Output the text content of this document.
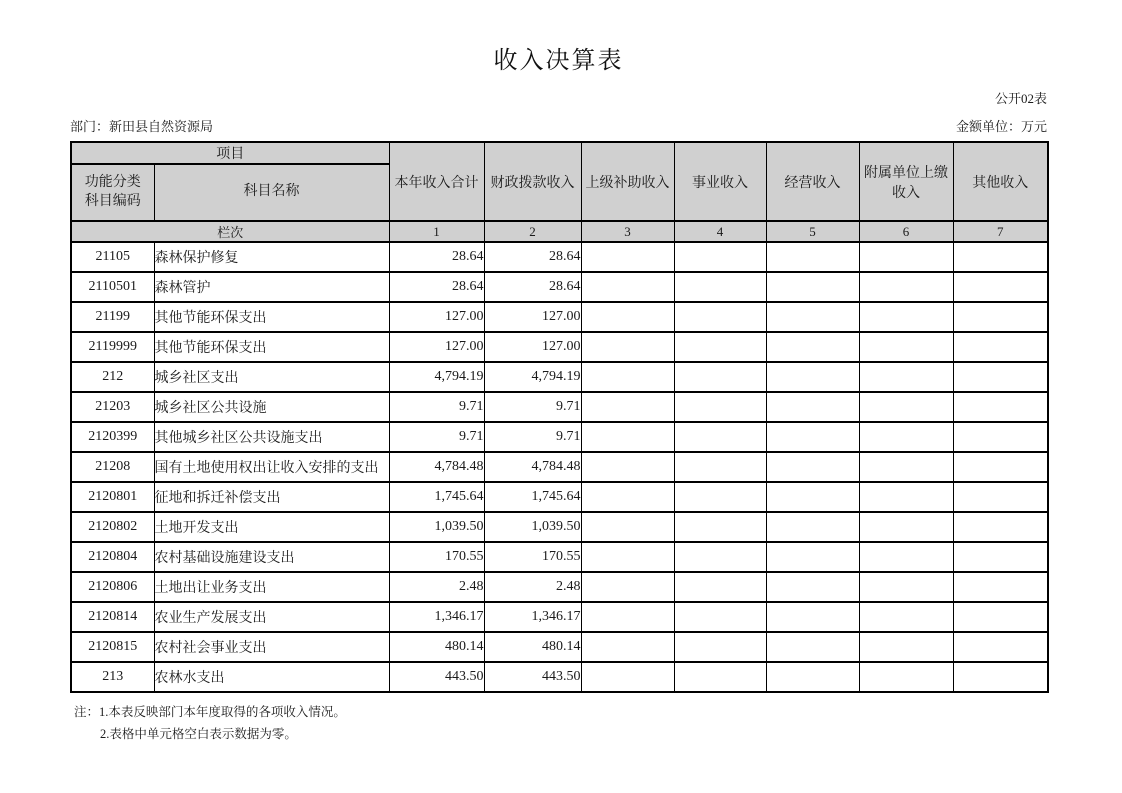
收入决算表
公开02表
部门：新田县自然资源局	金额单位：万元
项目		本年收入合计	财政拨款收入	上级补助收入	事业收入	经营收入	附属单位上缴收入	其他收入
功能分类科目编码	科目名称							
栏次		1	2	3	4	5	6	7
21105	森林保护修复	28.64	28.64					
2110501	森林管护	28.64	28.64					
21199	其他节能环保支出	127.00	127.00					
2119999	其他节能环保支出	127.00	127.00					
212	城乡社区支出	4,794.19	4,794.19					
21203	城乡社区公共设施	9.71	9.71					
2120399	其他城乡社区公共设施支出	9.71	9.71					
21208	国有土地使用权出让收入安排的支出	4,784.48	4,784.48					
2120801	征地和拆迁补偿支出	1,745.64	1,745.64					
2120802	土地开发支出	1,039.50	1,039.50					
2120804	农村基础设施建设支出	170.55	170.55					
2120806	土地出让业务支出	2.48	2.48					
2120814	农业生产发展支出	1,346.17	1,346.17					
2120815	农村社会事业支出	480.14	480.14					
213	农林水支出	443.50	443.50					
注：1.本表反映部门本年度取得的各项收入情况。
2.表格中单元格空白表示数据为零。
